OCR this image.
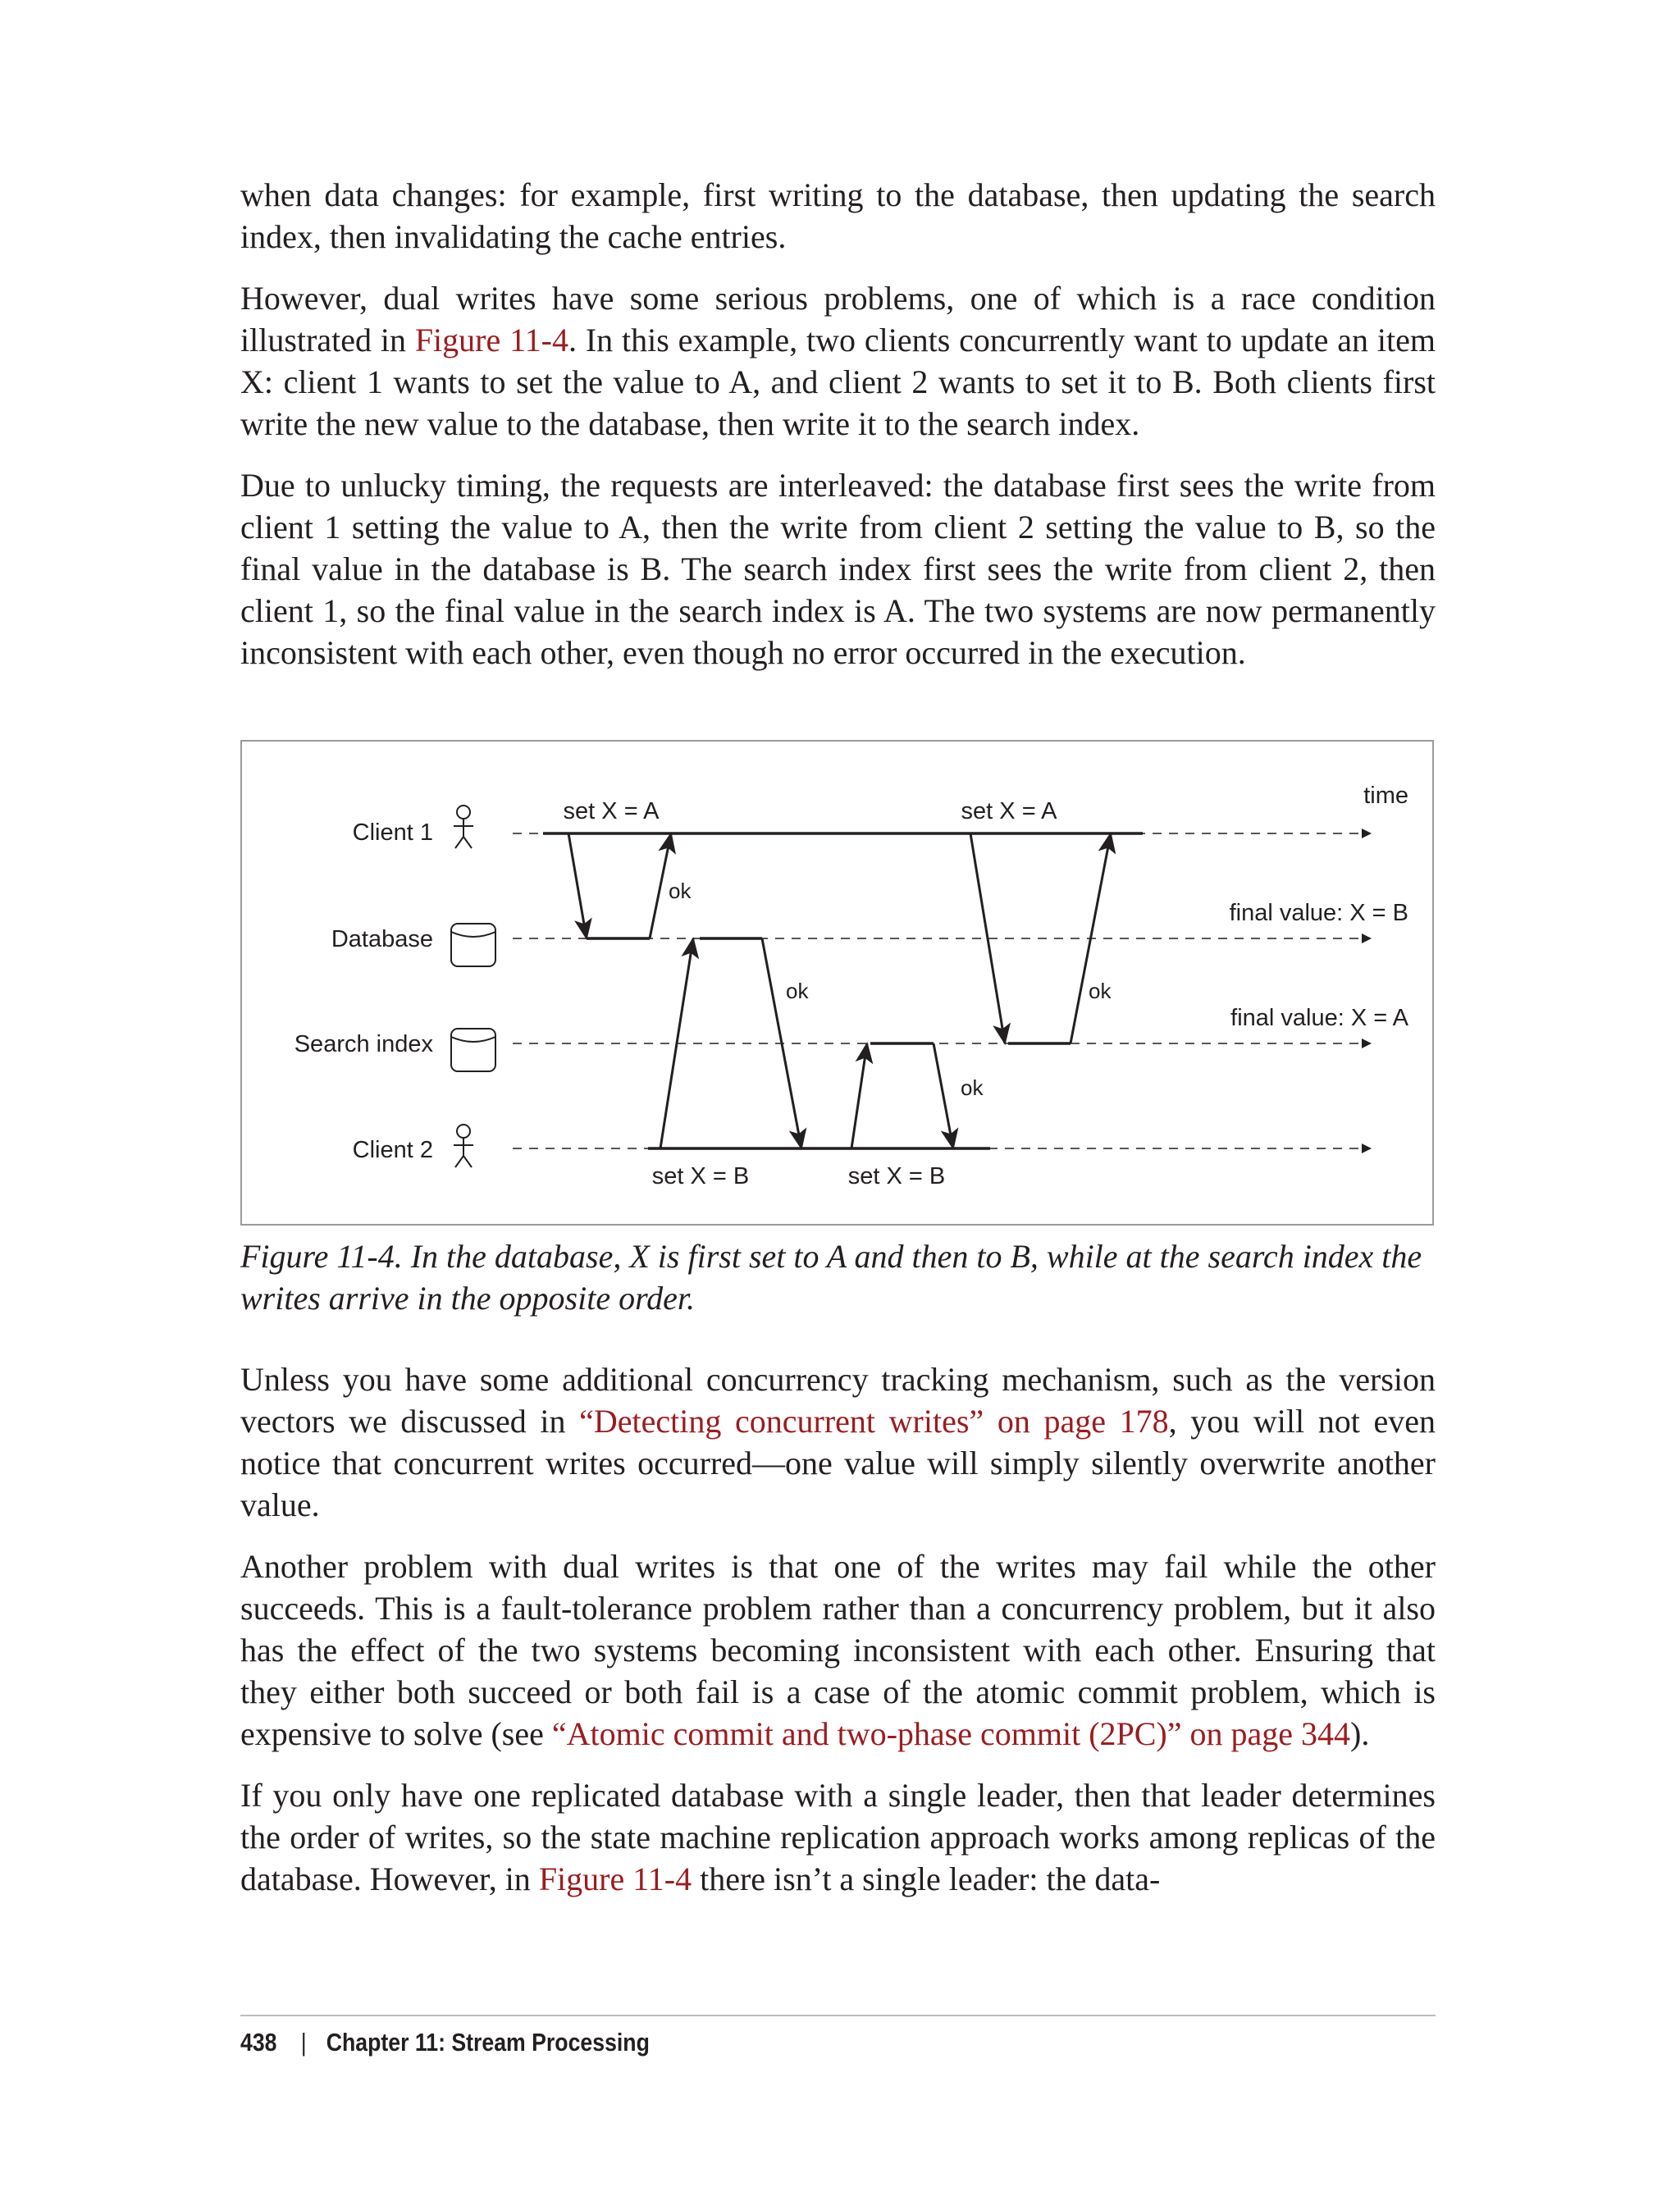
when data changes: for example, first writing to the database, then updating the search index, then invalidating the cache entries.

However, dual writes have some serious problems, one of which is a race condition illustrated in Figure 11-4. In this example, two clients concurrently want to update an item X: client 1 wants to set the value to A, and client 2 wants to set it to B. Both clients first write the new value to the database, then write it to the search index.

Due to unlucky timing, the requests are interleaved: the database first sees the write from client 1 setting the value to A, then the write from client 2 setting the value to B, so the final value in the database is B. The search index first sees the write from client 2, then client 1, so the final value in the search index is A. The two systems are now permanently inconsistent with each other, even though no error occurred in the execution.

Client 1
Database
Search index
Client 2
time
set X = A	set X = A
set X = B	set X = B
ok
ok
ok
ok
final value: X = B
final value: X = A

Figure 11-4. In the database, X is first set to A and then to B, while at the search index the writes arrive in the opposite order.

Unless you have some additional concurrency tracking mechanism, such as the version vectors we discussed in “Detecting concurrent writes” on page 178, you will not even notice that concurrent writes occurred—one value will simply silently overwrite another value.

Another problem with dual writes is that one of the writes may fail while the other succeeds. This is a fault-tolerance problem rather than a concurrency problem, but it also has the effect of the two systems becoming inconsistent with each other. Ensuring that they either both succeed or both fail is a case of the atomic commit problem, which is expensive to solve (see “Atomic commit and two-phase commit (2PC)” on page 344).

If you only have one replicated database with a single leader, then that leader determines the order of writes, so the state machine replication approach works among replicas of the database. However, in Figure 11-4 there isn’t a single leader: the data-

438 | Chapter 11: Stream Processing
